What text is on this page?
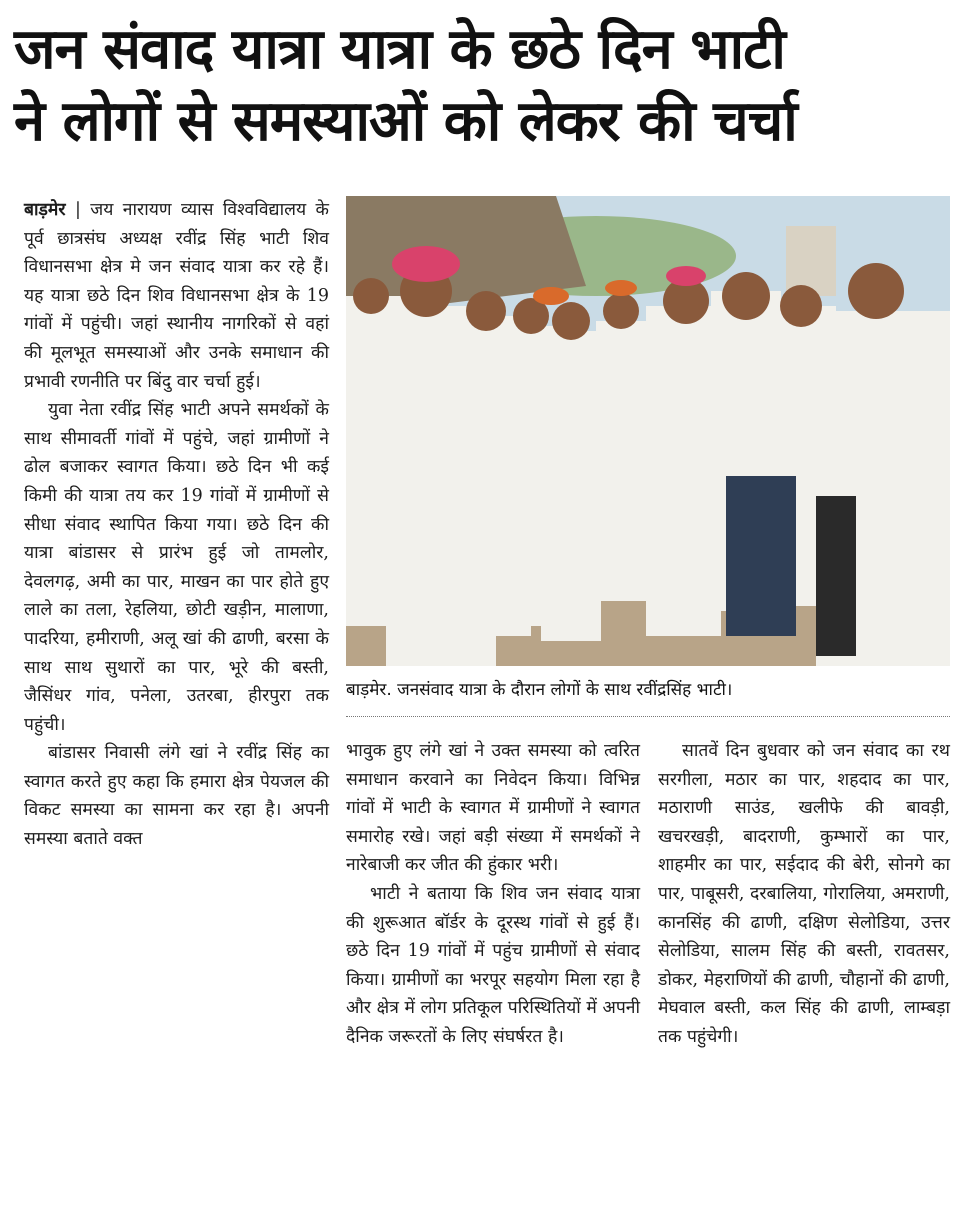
जन संवाद यात्रा यात्रा के छठे दिन भाटी
ने लोगों से समस्याओं को लेकर की चर्चा

बाड़मेर | जय नारायण व्यास विश्वविद्यालय के पूर्व छात्रसंघ अध्यक्ष रवींद्र सिंह भाटी शिव विधानसभा क्षेत्र मे जन संवाद यात्रा कर रहे हैं। यह यात्रा छठे दिन शिव विधानसभा क्षेत्र के 19 गांवों में पहुंची। जहां स्थानीय नागरिकों से वहां की मूलभूत समस्याओं और उनके समाधान की प्रभावी रणनीति पर बिंदु वार चर्चा हुई।

युवा नेता रवींद्र सिंह भाटी अपने समर्थकों के साथ सीमावर्ती गांवों में पहुंचे, जहां ग्रामीणों ने ढोल बजाकर स्वागत किया। छठे दिन भी कई किमी की यात्रा तय कर 19 गांवों में ग्रामीणों से सीधा संवाद स्थापित किया गया। छठे दिन की यात्रा बांडासर से प्रारंभ हुई जो तामलोर, देवलगढ़, अमी का पार, माखन का पार होते हुए लाले का तला, रेहलिया, छोटी खड़ीन, मालाणा, पादरिया, हमीराणी, अलू खां की ढाणी, बरसा के साथ साथ सुथारों का पार, भूरे की बस्ती, जैसिंधर गांव, पनेला, उतरबा, हीरपुरा तक पहुंची।

बांडासर निवासी लंगे खां ने रवींद्र सिंह का स्वागत करते हुए कहा कि हमारा क्षेत्र पेयजल की विकट समस्या का सामना कर रहा है। अपनी समस्या बताते वक्त

बाड़मेर. जनसंवाद यात्रा के दौरान लोगों के साथ रवींद्रसिंह भाटी।

भावुक हुए लंगे खां ने उक्त समस्या को त्वरित समाधान करवाने का निवेदन किया। विभिन्न गांवों में भाटी के स्वागत में ग्रामीणों ने स्वागत समारोह रखे। जहां बड़ी संख्या में समर्थकों ने नारेबाजी कर जीत की हुंकार भरी।

भाटी ने बताया कि शिव जन संवाद यात्रा की शुरूआत बॉर्डर के दूरस्थ गांवों से हुई हैं। छठे दिन 19 गांवों में पहुंच ग्रामीणों से संवाद किया। ग्रामीणों का भरपूर सहयोग मिला रहा है और क्षेत्र में लोग प्रतिकूल परिस्थितियों में अपनी दैनिक जरूरतों के लिए संघर्षरत है।

सातवें दिन बुधवार को जन संवाद का रथ सरगीला, मठार का पार, शहदाद का पार, मठाराणी साउंड, खलीफे की बावड़ी, खचरखड़ी, बादराणी, कुम्भारों का पार, शाहमीर का पार, सईदाद की बेरी, सोनगे का पार, पाबूसरी, दरबालिया, गोरालिया, अमराणी, कानसिंह की ढाणी, दक्षिण सेलोडिया, उत्तर सेलोडिया, सालम सिंह की बस्ती, रावतसर, डोकर, मेहराणियों की ढाणी, चौहानों की ढाणी, मेघवाल बस्ती, कल सिंह की ढाणी, लाम्बड़ा तक पहुंचेगी।
